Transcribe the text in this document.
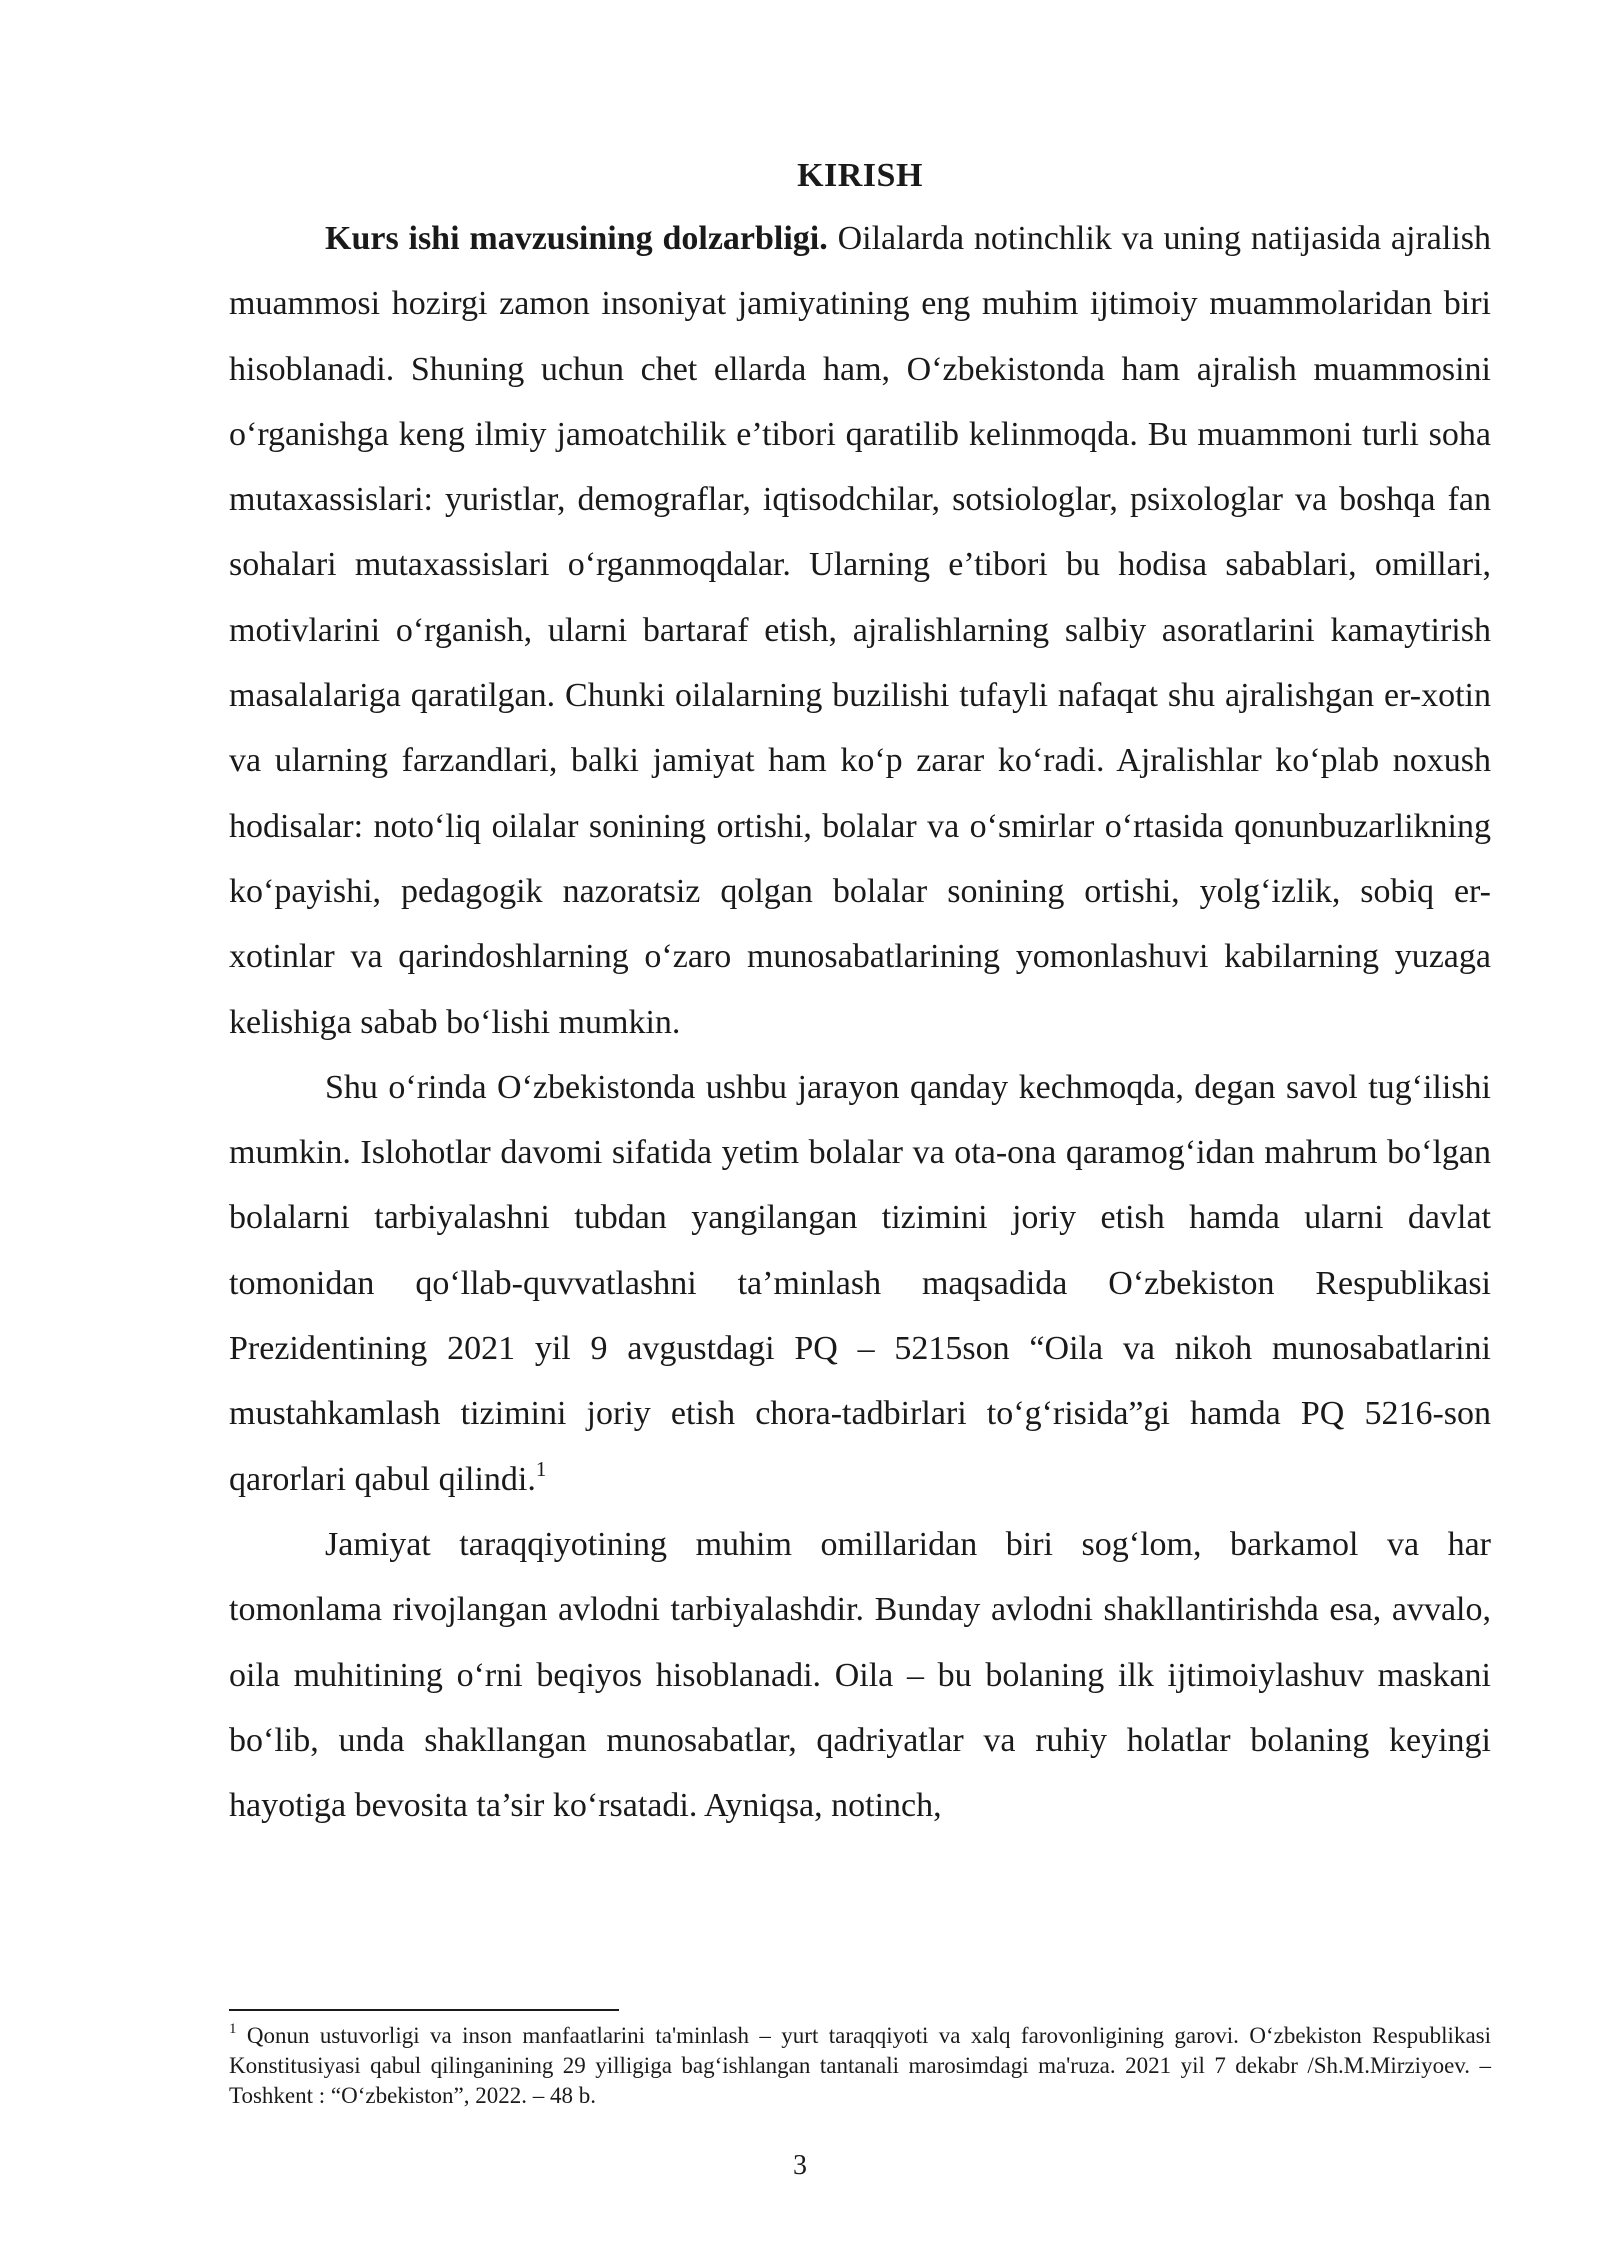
KIRISH

Kurs ishi mavzusining dolzarbligi. Oilalarda notinchlik va uning natijasida ajralish muammosi hozirgi zamon insoniyat jamiyatining eng muhim ijtimoiy muammolaridan biri hisoblanadi. Shuning uchun chet ellarda ham, Oʻzbekistonda ham ajralish muammosini oʻrganishga keng ilmiy jamoatchilik e’tibori qaratilib kelinmoqda. Bu muammoni turli soha mutaxassislari: yuristlar, demograflar, iqtisodchilar, sotsiologlar, psixologlar va boshqa fan sohalari mutaxassislari oʻrganmoqdalar. Ularning e’tibori bu hodisa sabablari, omillari, motivlarini oʻrganish, ularni bartaraf etish, ajralishlarning salbiy asoratlarini kamaytirish masalalariga qaratilgan. Chunki oilalarning buzilishi tufayli nafaqat shu ajralishgan er-xotin va ularning farzandlari, balki jamiyat ham koʻp zarar koʻradi. Ajralishlar koʻplab noxush hodisalar: notoʻliq oilalar sonining ortishi, bolalar va oʻsmirlar oʻrtasida qonunbuzarlikning koʻpayishi, pedagogik nazoratsiz qolgan bolalar sonining ortishi, yolgʻizlik, sobiq er-xotinlar va qarindoshlarning oʻzaro munosabatlarining yomonlashuvi kabilarning yuzaga kelishiga sabab boʻlishi mumkin.

Shu oʻrinda Oʻzbekistonda ushbu jarayon qanday kechmoqda, degan savol tugʻilishi mumkin. Islohotlar davomi sifatida yetim bolalar va ota-ona qaramogʻidan mahrum boʻlgan bolalarni tarbiyalashni tubdan yangilangan tizimini joriy etish hamda ularni davlat tomonidan qoʻllab-quvvatlashni ta’minlash maqsadida Oʻzbekiston Respublikasi Prezidentining 2021 yil 9 avgustdagi PQ – 5215son “Oila va nikoh munosabatlarini mustahkamlash tizimini joriy etish chora-tadbirlari toʻgʻrisida”gi hamda PQ 5216-son qarorlari qabul qilindi.$^1$

Jamiyat taraqqiyotining muhim omillaridan biri sogʻlom, barkamol va har tomonlama rivojlangan avlodni tarbiyalashdir. Bunday avlodni shakllantirishda esa, avvalo, oila muhitining oʻrni beqiyos hisoblanadi. Oila – bu bolaning ilk ijtimoiylashuv maskani boʻlib, unda shakllangan munosabatlar, qadriyatlar va ruhiy holatlar bolaning keyingi hayotiga bevosita ta’sir koʻrsatadi. Ayniqsa, notinch,

$^1$ Qonun ustuvorligi va inson manfaatlarini ta'minlash – yurt taraqqiyoti va xalq farovonligining garovi. Oʻzbekiston Respublikasi Konstitusiyasi qabul qilinganining 29 yilligiga bagʻishlangan tantanali marosimdagi ma'ruza. 2021 yil 7 dekabr /Sh.M.Mirziyoev. – Toshkent : “Oʻzbekiston”, 2022. – 48 b.

3
